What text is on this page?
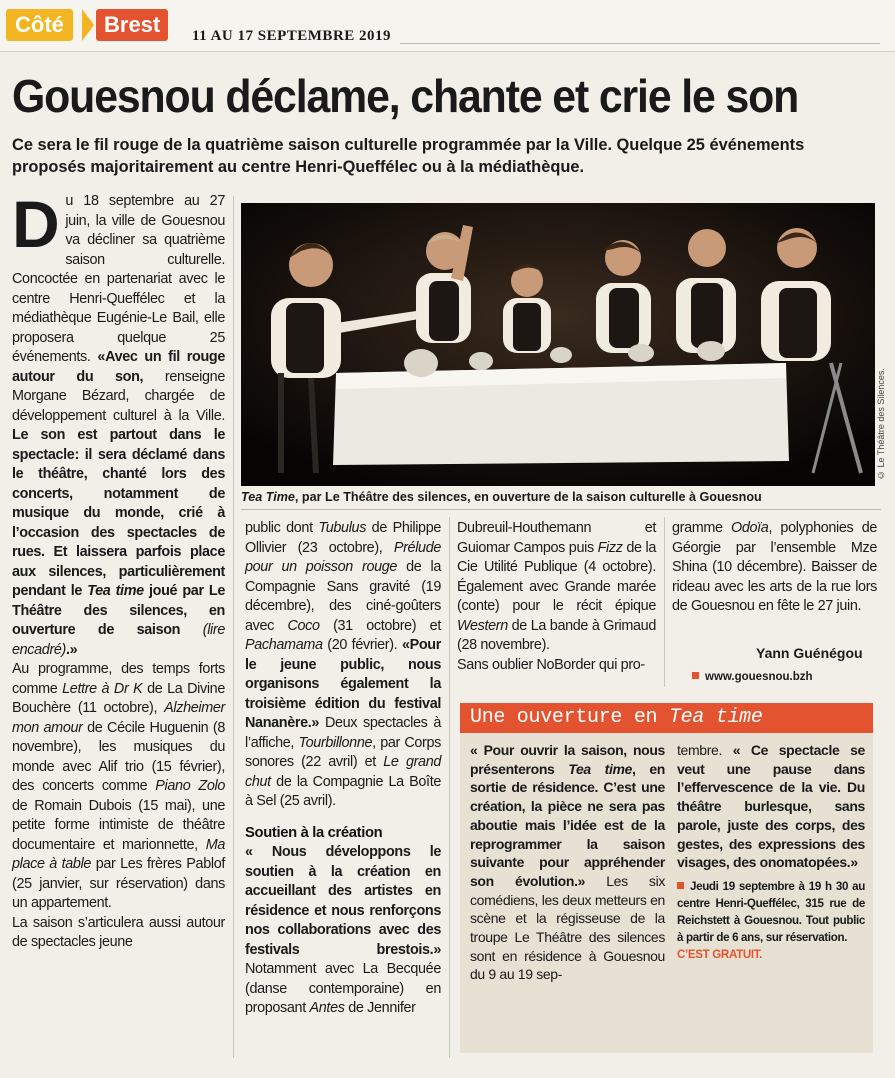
Côté	Brest	11 AU 17 SEPTEMBRE 2019
Gouesnou déclame, chante et crie le son
Ce sera le fil rouge de la quatrième saison culturelle programmée par la Ville. Quelque 25 événements proposés majoritairement au centre Henri-Queffélec ou à la médiathèque.

Du 18 septembre au 27 juin, la ville de Gouesnou va décliner sa quatrième saison culturelle. Concoctée en partenariat avec le centre Henri-Queffélec et la médiathèque Eugénie-Le Bail, elle proposera quelque 25 événements. «Avec un fil rouge autour du son, renseigne Morgane Bézard, chargée de développement culturel à la Ville. Le son est partout dans le spectacle: il sera déclamé dans le théâtre, chanté lors des concerts, notamment de musique du monde, crié à l’occasion des spectacles de rues. Et laissera parfois place aux silences, particulièrement pendant le Tea time joué par Le Théâtre des silences, en ouverture de saison (lire encadré).»

Au programme, des temps forts comme Lettre à Dr K de La Divine Bouchère (11 octobre), Alzheimer mon amour de Cécile Huguenin (8 novembre), les musiques du monde avec Alif trio (15 février), des concerts comme Piano Zolo de Romain Dubois (15 mai), une petite forme intimiste de théâtre documentaire et marionnette, Ma place à table par Les frères Pablof (25 janvier, sur réservation) dans un appartement.

La saison s’articulera aussi autour de spectacles jeune

© Le Théâtre des Silences.
Tea Time, par Le Théâtre des silences, en ouverture de la saison culturelle à Gouesnou

public dont Tubulus de Philippe Ollivier (23 octobre), Prélude pour un poisson rouge de la Compagnie Sans gravité (19 décembre), des ciné-goûters avec Coco (31 octobre) et Pachamama (20 février). «Pour le jeune public, nous organisons également la troisième édition du festival Nananère.» Deux spectacles à l’affiche, Tourbillonne, par Corps sonores (22 avril) et Le grand chut de la Compagnie La Boîte à Sel (25 avril).

Soutien à la création

« Nous développons le soutien à la création en accueillant des artistes en résidence et nous renforçons nos collaborations avec des festivals brestois.» Notamment avec La Becquée (danse contemporaine) en proposant Antes de Jennifer

Dubreuil-Houthemann et Guiomar Campos puis Fizz de la Cie Utilité Publique (4 octobre). Également avec Grande marée (conte) pour le récit épique Western de La bande à Grimaud (28 novembre).

Sans oublier NoBorder qui pro-

gramme Odoïa, polyphonies de Géorgie par l’ensemble Mze Shina (10 décembre). Baisser de rideau avec les arts de la rue lors de Gouesnou en fête le 27 juin.

Yann Guénégou
www.gouesnou.bzh
Une ouverture en Tea time
« Pour ouvrir la saison, nous présenterons Tea time, en sortie de résidence. C’est une création, la pièce ne sera pas aboutie mais l’idée est de la reprogrammer la saison suivante pour appréhender son évolution.» Les six comédiens, les deux metteurs en scène et la régisseuse de la troupe Le Théâtre des silences sont en résidence à Gouesnou du 9 au 19 sep-
tembre. « Ce spectacle se veut une pause dans l’effervescence de la vie. Du théâtre burlesque, sans parole, juste des corps, des gestes, des expressions des visages, des onomatopées.»
Jeudi 19 septembre à 19 h 30 au centre Henri-Queffélec, 315 rue de Reichstett à Gouesnou. Tout public à partir de 6 ans, sur réservation.
C’EST GRATUIT.
